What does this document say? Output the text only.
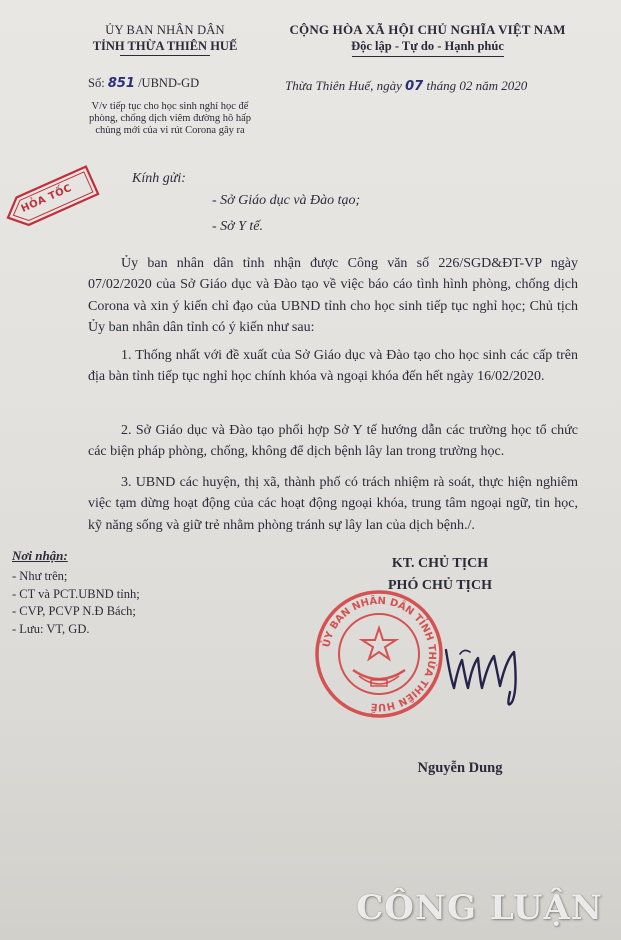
ỦY BAN NHÂN DÂN
TỈNH THỪA THIÊN HUẾ
CỘNG HÒA XÃ HỘI CHỦ NGHĨA VIỆT NAM
Độc lập - Tự do - Hạnh phúc
Số: 851 /UBND-GD
V/v tiếp tục cho học sinh nghỉ học để
phòng, chống dịch viêm đường hô hấp
chủng mới của vi rút Corona gây ra
Thừa Thiên Huế, ngày 07 tháng 02 năm 2020
HỎA TỐC
Kính gửi:
- Sở Giáo dục và Đào tạo;
- Sở Y tế.
Ủy ban nhân dân tỉnh nhận được Công văn số 226/SGD&ĐT-VP ngày 07/02/2020 của Sở Giáo dục và Đào tạo về việc báo cáo tình hình phòng, chống dịch Corona và xin ý kiến chỉ đạo của UBND tỉnh cho học sinh tiếp tục nghỉ học; Chủ tịch Ủy ban nhân dân tỉnh có ý kiến như sau:
1. Thống nhất với đề xuất của Sở Giáo dục và Đào tạo cho học sinh các cấp trên địa bàn tỉnh tiếp tục nghỉ học chính khóa và ngoại khóa đến hết ngày 16/02/2020.
2. Sở Giáo dục và Đào tạo phối hợp Sở Y tế hướng dẫn các trường học tổ chức các biện pháp phòng, chống, không để dịch bệnh lây lan trong trường học.
3. UBND các huyện, thị xã, thành phố có trách nhiệm rà soát, thực hiện nghiêm việc tạm dừng hoạt động của các hoạt động ngoại khóa, trung tâm ngoại ngữ, tin học, kỹ năng sống và giữ trẻ nhằm phòng tránh sự lây lan của dịch bệnh./.
Nơi nhận:
- Như trên;
- CT và PCT.UBND tỉnh;
- CVP, PCVP N.Đ Bách;
- Lưu: VT, GD.
KT. CHỦ TỊCH
PHÓ CHỦ TỊCH
ỦY BAN NHÂN DÂN TỈNH THỪA THIÊN HUẾ
Nguyễn Dung
CÔNG LUẬN
